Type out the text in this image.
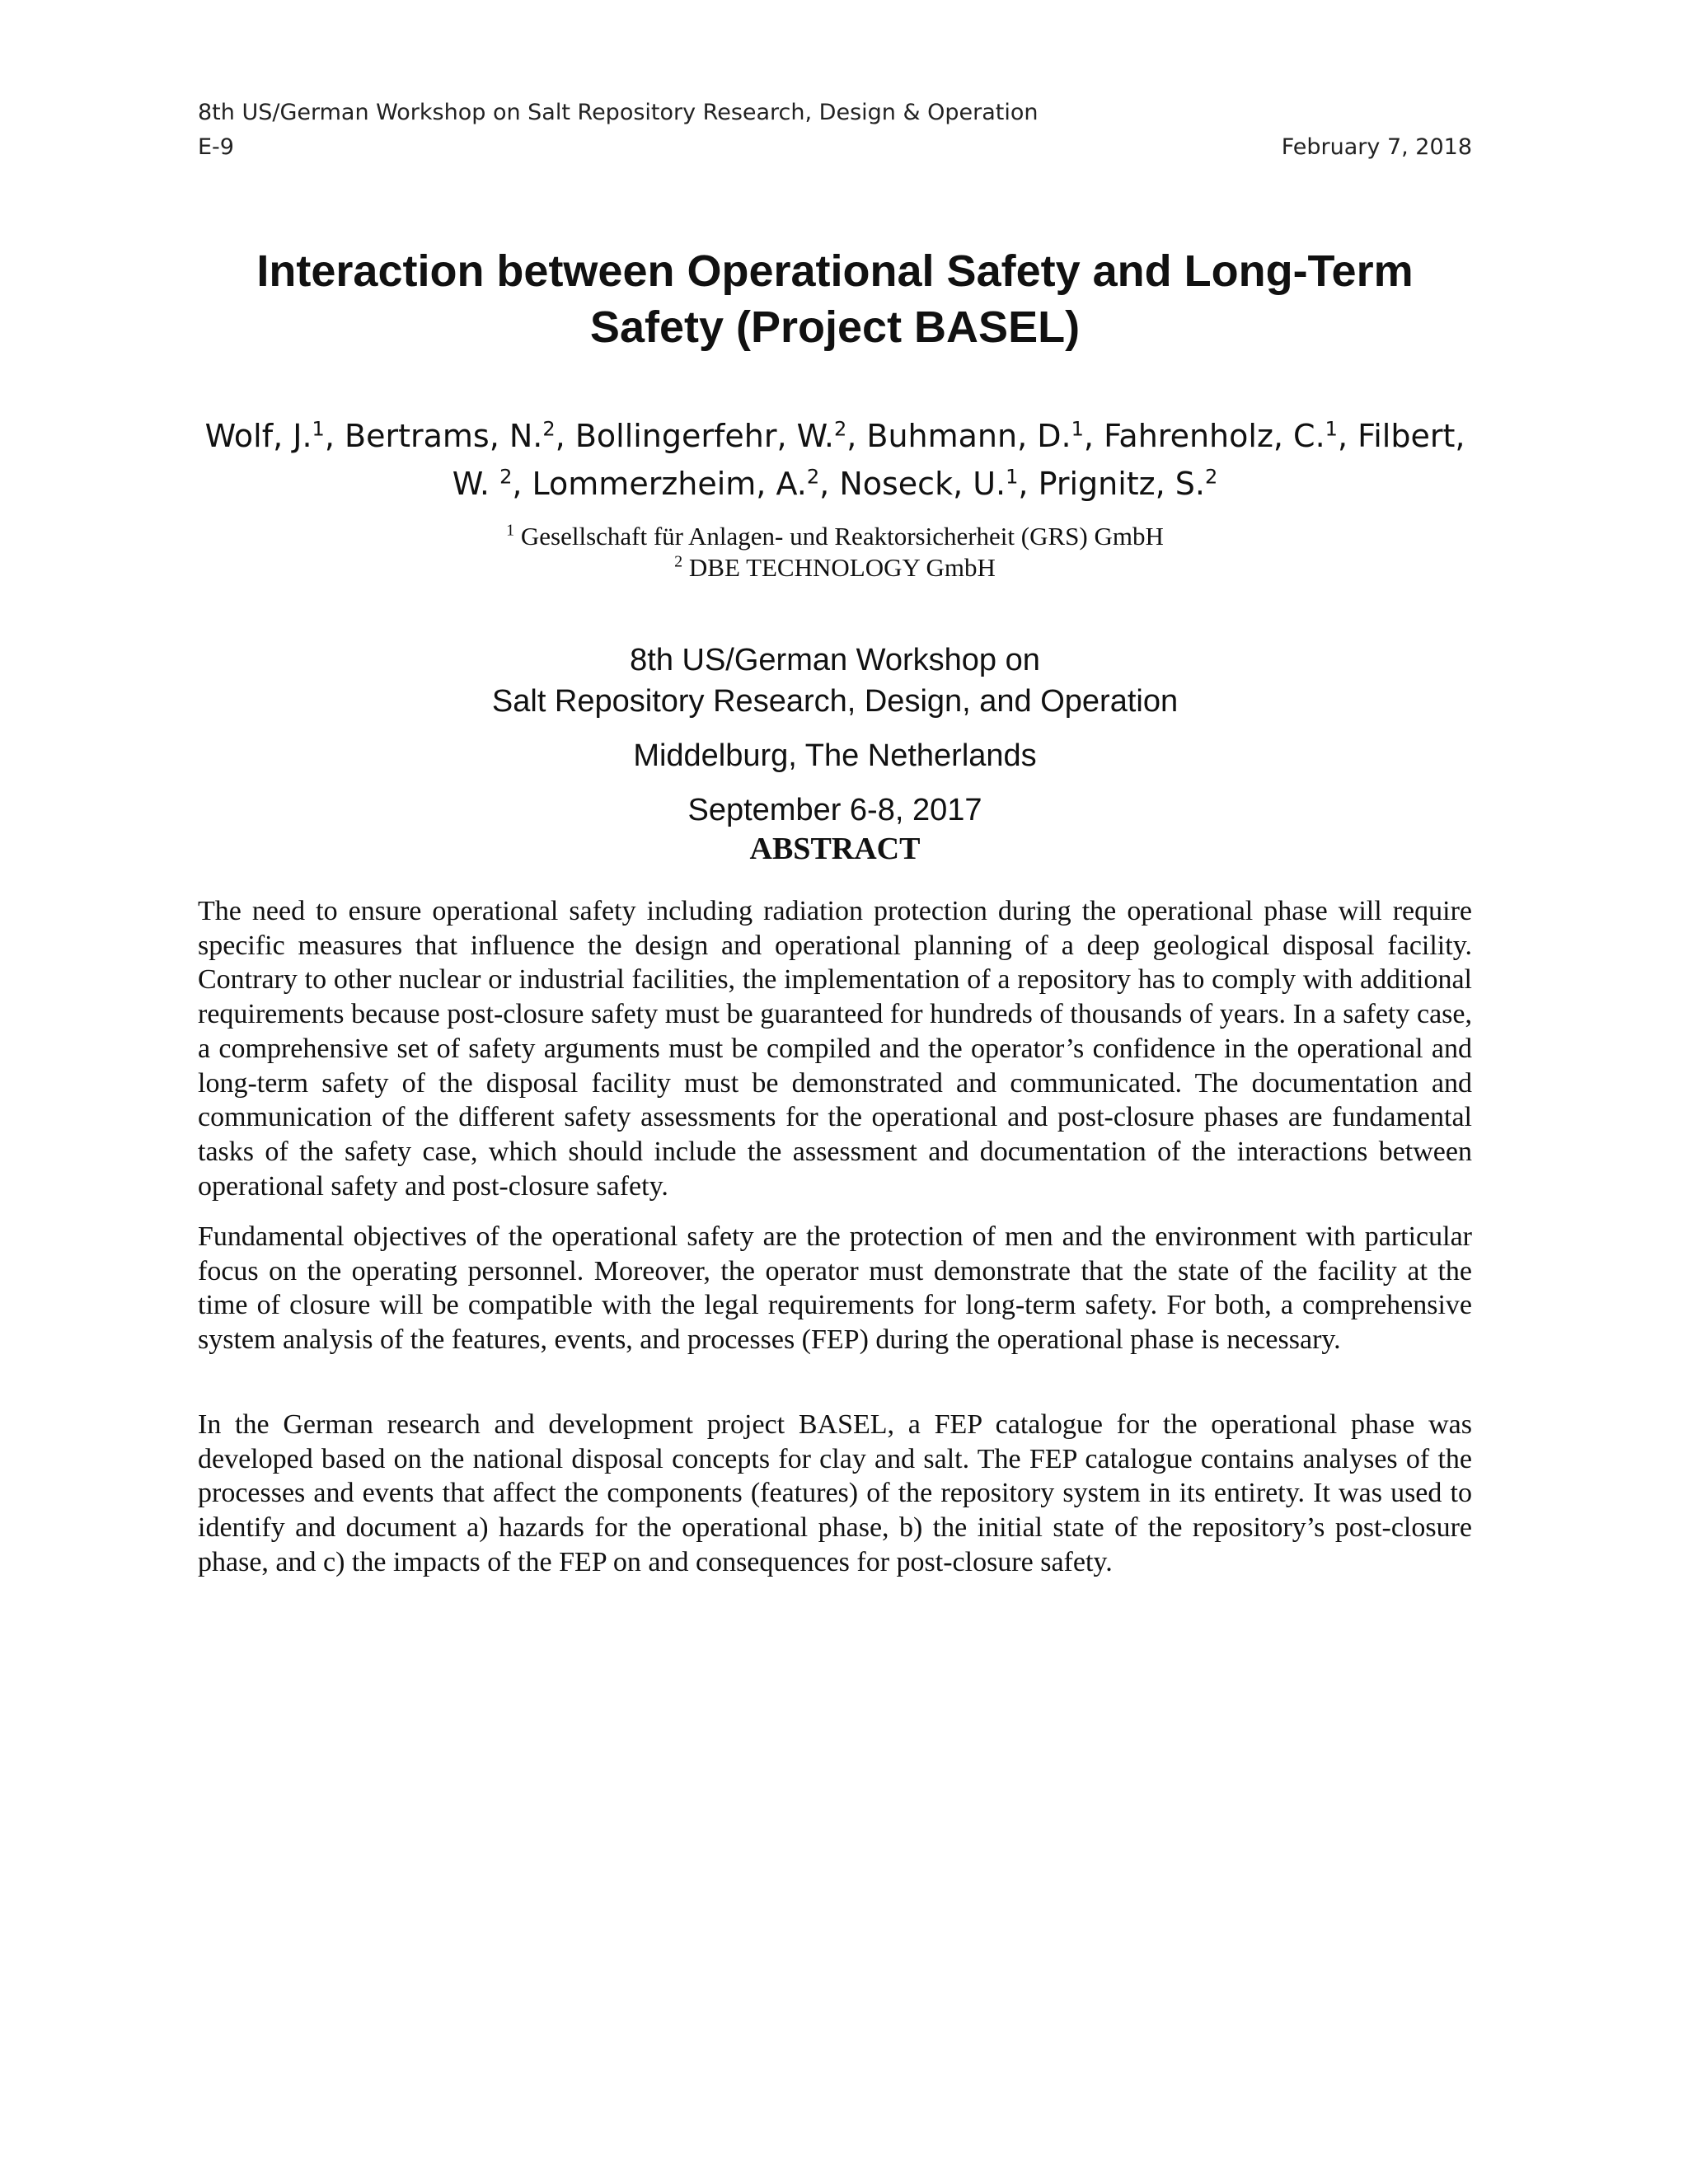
8th US/German Workshop on Salt Repository Research, Design & Operation
E-9	February 7, 2018
Interaction between Operational Safety and Long-Term
Safety (Project BASEL)
Wolf, J.$^1$, Bertrams, N.$^2$, Bollingerfehr, W.$^2$, Buhmann, D.$^1$, Fahrenholz, C.$^1$, Filbert, W. $^2$, Lommerzheim, A.$^2$, Noseck, U.$^1$, Prignitz, S.$^2$
$^1$ Gesellschaft für Anlagen- und Reaktorsicherheit (GRS) GmbH
$^2$ DBE TECHNOLOGY GmbH
8th US/German Workshop on
Salt Repository Research, Design, and Operation
Middelburg, The Netherlands
September 6-8, 2017
ABSTRACT

The need to ensure operational safety including radiation protection during the operational phase will require specific measures that influence the design and operational planning of a deep geological disposal facility. Contrary to other nuclear or industrial facilities, the implementation of a repository has to comply with additional requirements because post-closure safety must be guaranteed for hundreds of thousands of years. In a safety case, a comprehensive set of safety arguments must be compiled and the operator’s confidence in the operational and long-term safety of the disposal facility must be demonstrated and communicated. The documentation and communication of the different safety assessments for the operational and post-closure phases are fundamental tasks of the safety case, which should include the assessment and documentation of the interactions between operational safety and post-closure safety.

Fundamental objectives of the operational safety are the protection of men and the environment with particular focus on the operating personnel. Moreover, the operator must demonstrate that the state of the facility at the time of closure will be compatible with the legal requirements for long-term safety. For both, a comprehensive system analysis of the features, events, and processes (FEP) during the operational phase is necessary.

In the German research and development project BASEL, a FEP catalogue for the operational phase was developed based on the national disposal concepts for clay and salt. The FEP catalogue contains analyses of the processes and events that affect the components (features) of the repository system in its entirety. It was used to identify and document a) hazards for the operational phase, b) the initial state of the repository’s post-closure phase, and c) the impacts of the FEP on and consequences for post-closure safety.
